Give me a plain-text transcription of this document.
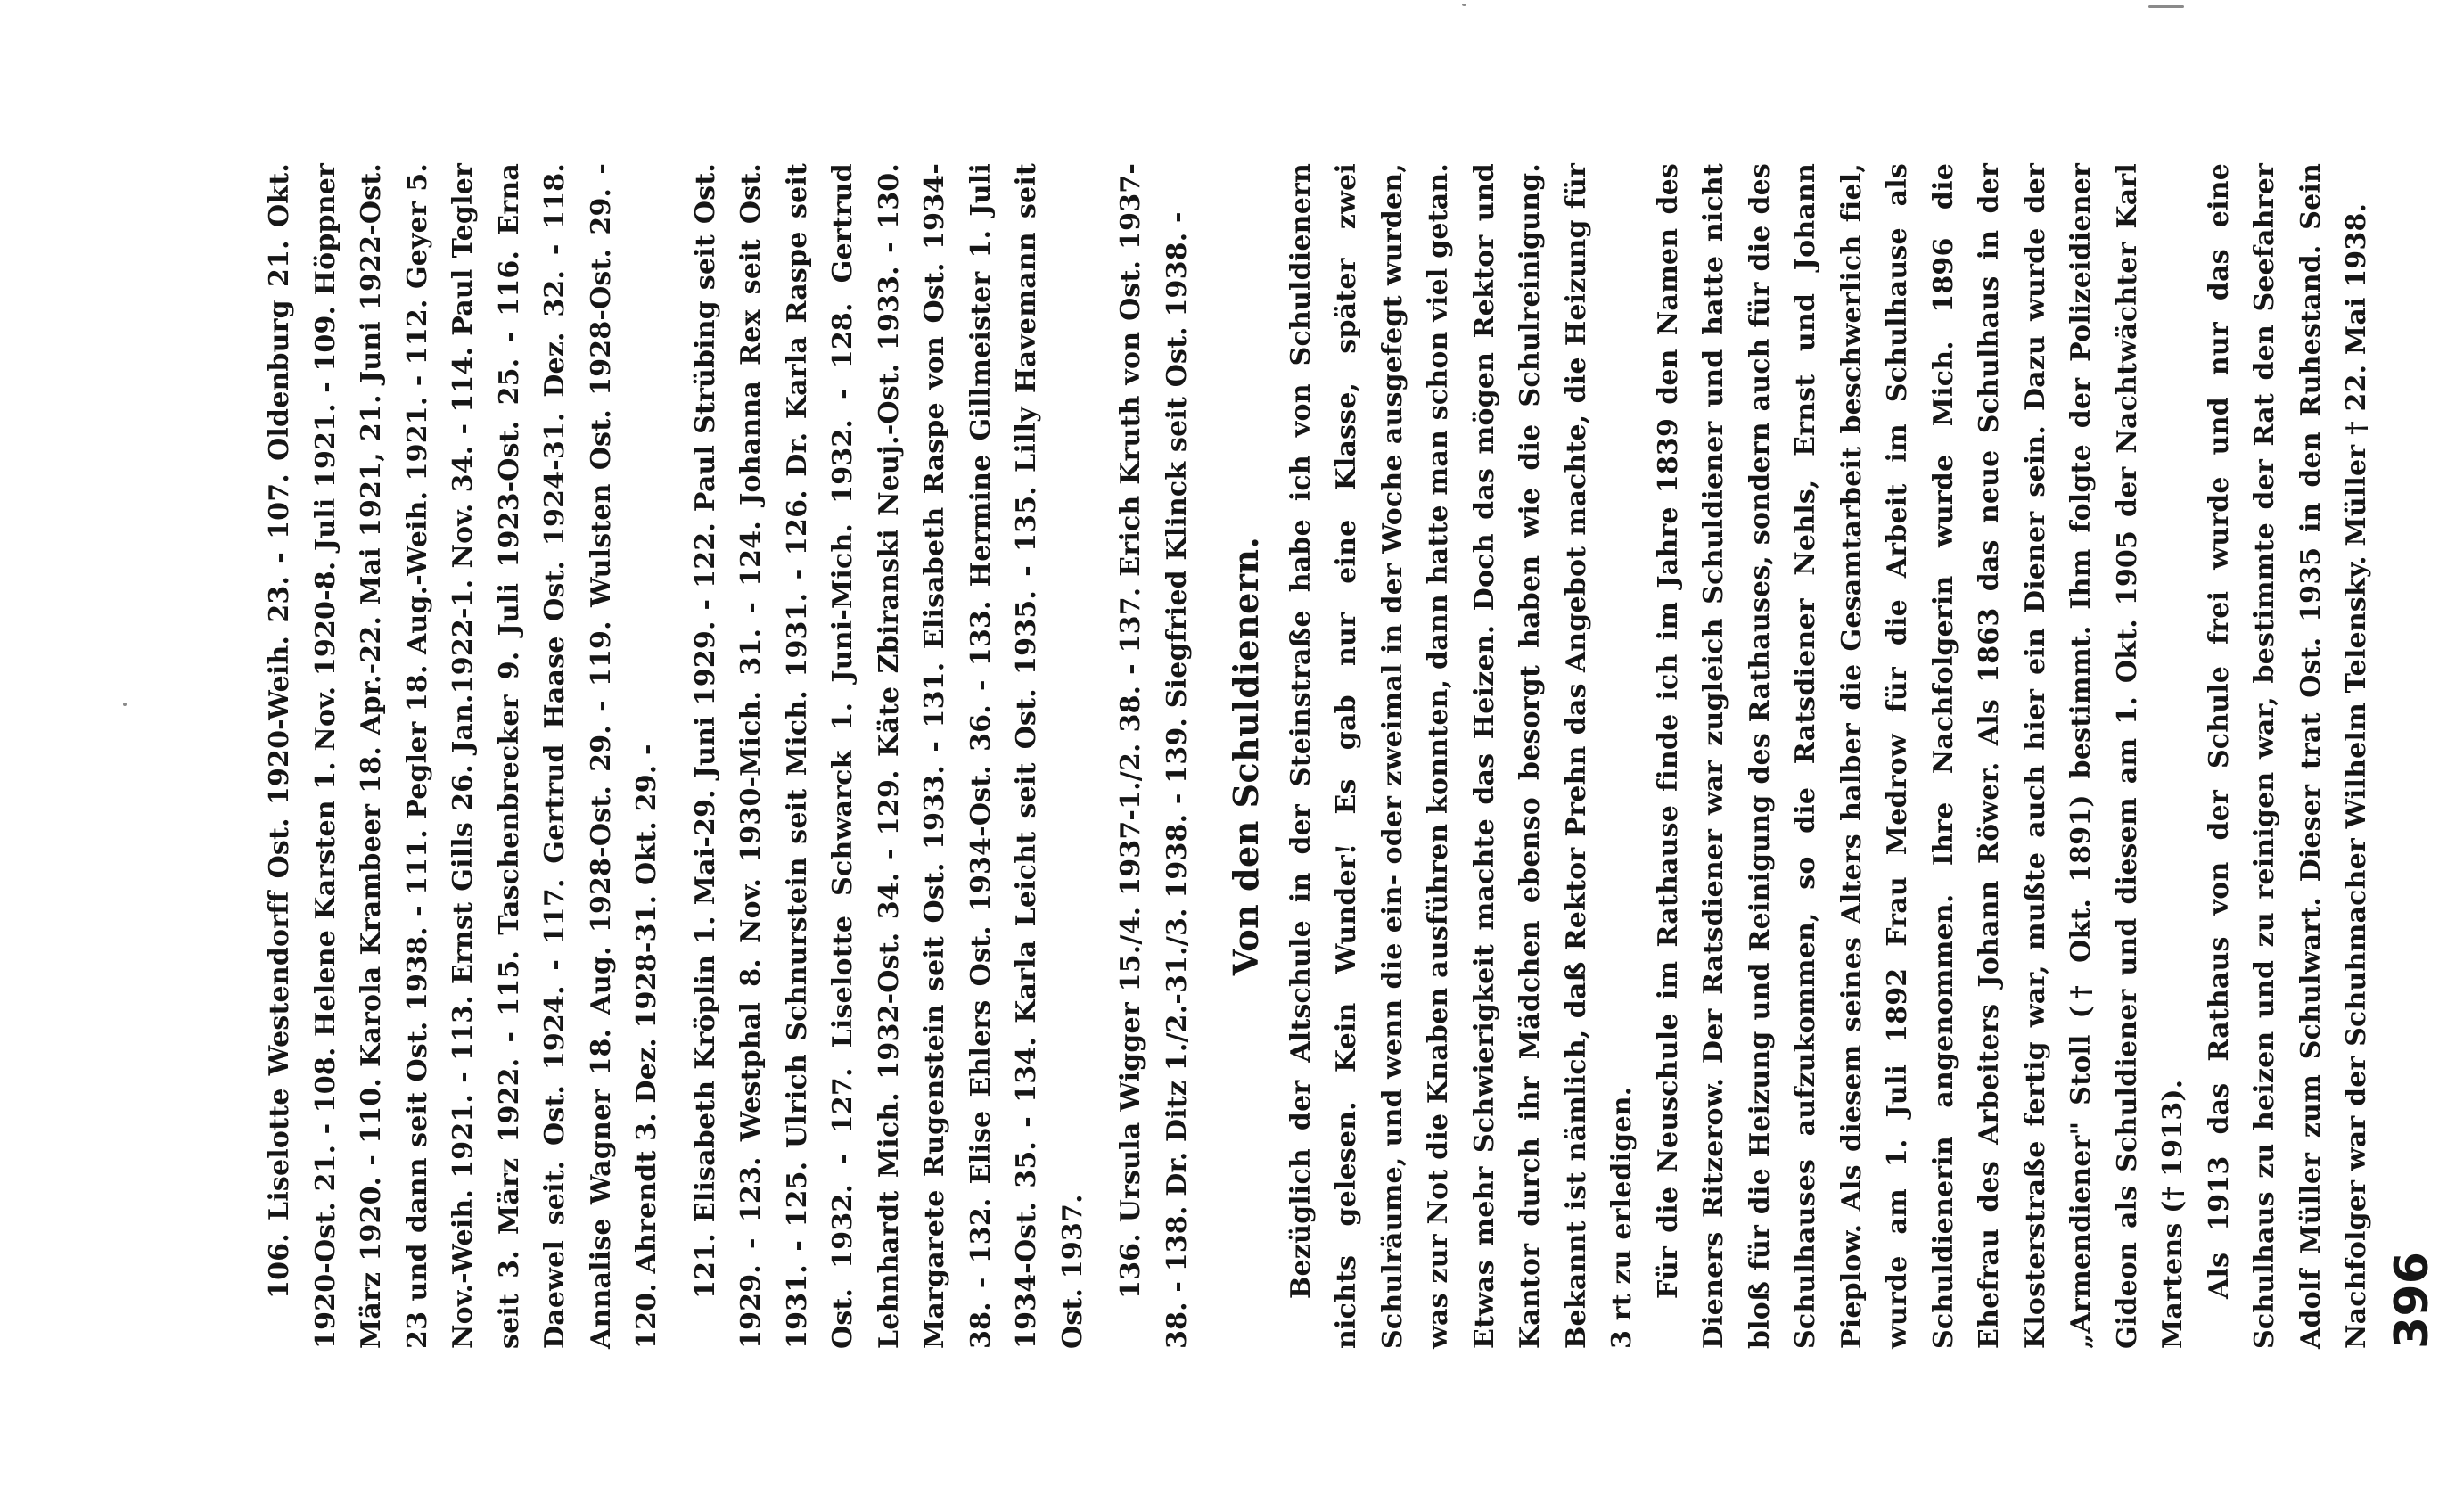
106. Liselotte Westendorff Ost. 1920-Weih. 23. - 107. Oldenburg 21. Okt. 1920-Ost. 21. - 108. Helene Karsten 1. Nov. 1920-8. Juli 1921. - 109. Höppner März 1920. - 110. Karola Krambeer 18. Apr.-22. Mai 1921, 21. Juni 1922-Ost. 23 und dann seit Ost. 1938. - 111. Pegler 18. Aug.-Weih. 1921. - 112. Geyer 5. Nov.-Weih. 1921. - 113. Ernst Gills 26. Jan.1922-1. Nov. 34. - 114. Paul Tegler seit 3. März 1922. - 115. Taschenbrecker 9. Juli 1923-Ost. 25. - 116. Erna Daewel seit. Ost. 1924. - 117. Gertrud Haase Ost. 1924-31. Dez. 32. - 118. Annalise Wagner 18. Aug. 1928-Ost. 29. - 119. Wulsten Ost. 1928-Ost. 29. - 120. Ahrendt 3. Dez. 1928-31. Okt. 29. - 121. Elisabeth Kröplin 1. Mai-29. Juni 1929. - 122. Paul Strübing seit Ost. 1929. - 123. Westphal 8. Nov. 1930-Mich. 31. - 124. Johanna Rex seit Ost. 1931. - 125. Ulrich Schnurstein seit Mich. 1931. - 126. Dr. Karla Raspe seit Ost. 1932. - 127. Liselotte Schwarck 1. Juni-Mich. 1932. - 128. Gertrud Lehnhardt Mich. 1932-Ost. 34. - 129. Käte Zbiranski Neuj.-Ost. 1933. - 130. Margarete Rugenstein seit Ost. 1933. - 131. Elisabeth Raspe von Ost. 1934-38. - 132. Elise Ehlers Ost. 1934-Ost. 36. - 133. Hermine Gillmeister 1. Juli 1934-Ost. 35. - 134. Karla Leicht seit Ost. 1935. - 135. Lilly Havemann seit Ost. 1937. 136. Ursula Wigger 15./4. 1937-1./2. 38. - 137. Erich Kruth von Ost. 1937-38. - 138. Dr. Ditz 1./2.-31./3. 1938. - 139. Siegfried Klinck seit Ost. 1938. - Von den Schuldienern. Bezüglich der Altschule in der Steinstraße habe ich von Schuldienern nichts gelesen. Kein Wunder! Es gab nur eine Klasse, später zwei Schulräume, und wenn die ein- oder zweimal in der Woche ausgefegt wurden, was zur Not die Knaben ausführen konnten, dann hatte man schon viel getan. Etwas mehr Schwierigkeit machte das Heizen. Doch das mögen Rektor und Kantor durch ihr Mädchen ebenso besorgt haben wie die Schulreinigung. Bekannt ist nämlich, daß Rektor Prehn das Angebot machte, die Heizung für 3 rt zu erledigen. Für die Neuschule im Rathause finde ich im Jahre 1839 den Namen des Dieners Ritzerow. Der Ratsdiener war zugleich Schuldiener und hatte nicht bloß für die Heizung und Reinigung des Rathauses, sondern auch für die des Schulhauses aufzukommen, so die Ratsdiener Nehls, Ernst und Johann Pieplow. Als diesem seines Alters halber die Gesamtarbeit beschwerlich fiel, wurde am 1. Juli 1892 Frau Medrow für die Arbeit im Schulhause als Schuldienerin angenommen. Ihre Nachfolgerin wurde Mich. 1896 die Ehefrau des Arbeiters Johann Röwer. Als 1863 das neue Schulhaus in der Klosterstraße fertig war, mußte auch hier ein Diener sein. Dazu wurde der „Armendiener" Stoll († Okt. 1891) bestimmt. Ihm folgte der Polizeidiener Gideon als Schuldiener und diesem am 1. Okt. 1905 der Nachtwächter Karl Martens († 1913). Als 1913 das Rathaus von der Schule frei wurde und nur das eine Schulhaus zu heizen und zu reinigen war, bestimmte der Rat den Seefahrer Adolf Müller zum Schulwart. Dieser trat Ost. 1935 in den Ruhestand. Sein Nachfolger war der Schuhmacher Wilhelm Telensky. Müller † 22. Mai 1938. 396
